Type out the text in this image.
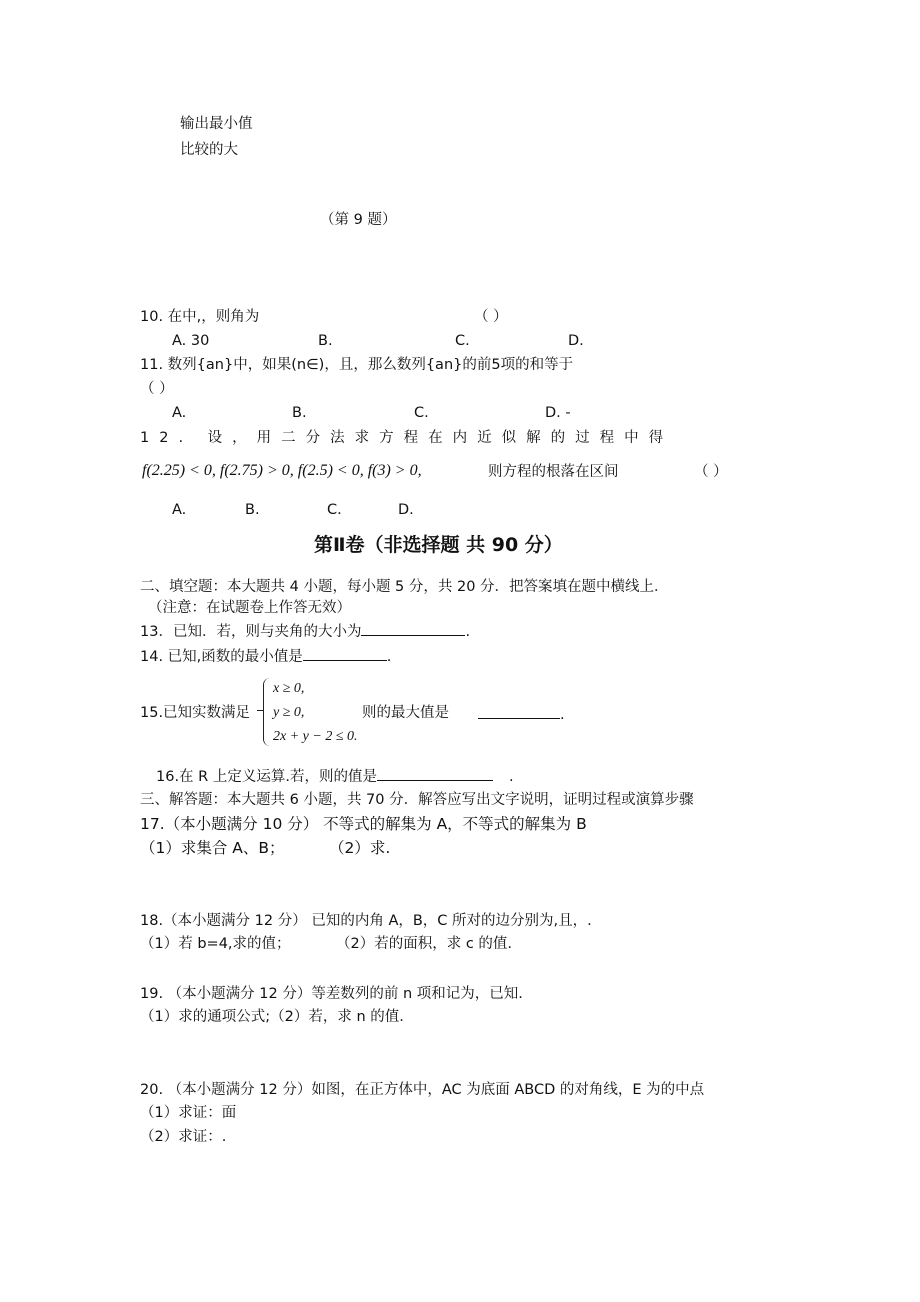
输出最小值
比较的大
（第 9 题）
10. 在中,，则角为	（ ）
A. 30	B.	C.	D.
11. 数列{an}中，如果(n∈)，且，那么数列{an}的前5项的和等于
（ ）
A.	B.	C.	D. -
12. 设，用二分法求方程在内近似解的过程中得
f(2.25) < 0, f(2.75) > 0, f(2.5) < 0, f(3) > 0,	则方程的根落在区间	（ ）
A.	B.	C.	D.
第Ⅱ卷（非选择题 共 90 分）
二、填空题：本大题共 4 小题，每小题 5 分，共 20 分．把答案填在题中横线上．
（注意：在试题卷上作答无效）
13．已知．若，则与夹角的大小为	.
14. 已知,函数的最小值是	.
15.已知实数满足
x ≥ 0,
y ≥ 0,
2x + y − 2 ≤ 0.
则的最大值是	.
16.在 R 上定义运算.若，则的值是	.
三、解答题：本大题共 6 小题，共 70 分．解答应写出文字说明，证明过程或演算步骤
17.（本小题满分 10 分） 不等式的解集为 A，不等式的解集为 B
（1）求集合 A、B；	（2）求.
18.（本小题满分 12 分） 已知的内角 A，B，C 所对的边分别为,且，.
（1）若 b=4,求的值；	（2）若的面积，求 c 的值.
19. （本小题满分 12 分）等差数列的前 n 项和记为，已知.
（1）求的通项公式;（2）若，求 n 的值.
20. （本小题满分 12 分）如图，在正方体中，AC 为底面 ABCD 的对角线，E 为的中点
（1）求证：面
（2）求证：.
